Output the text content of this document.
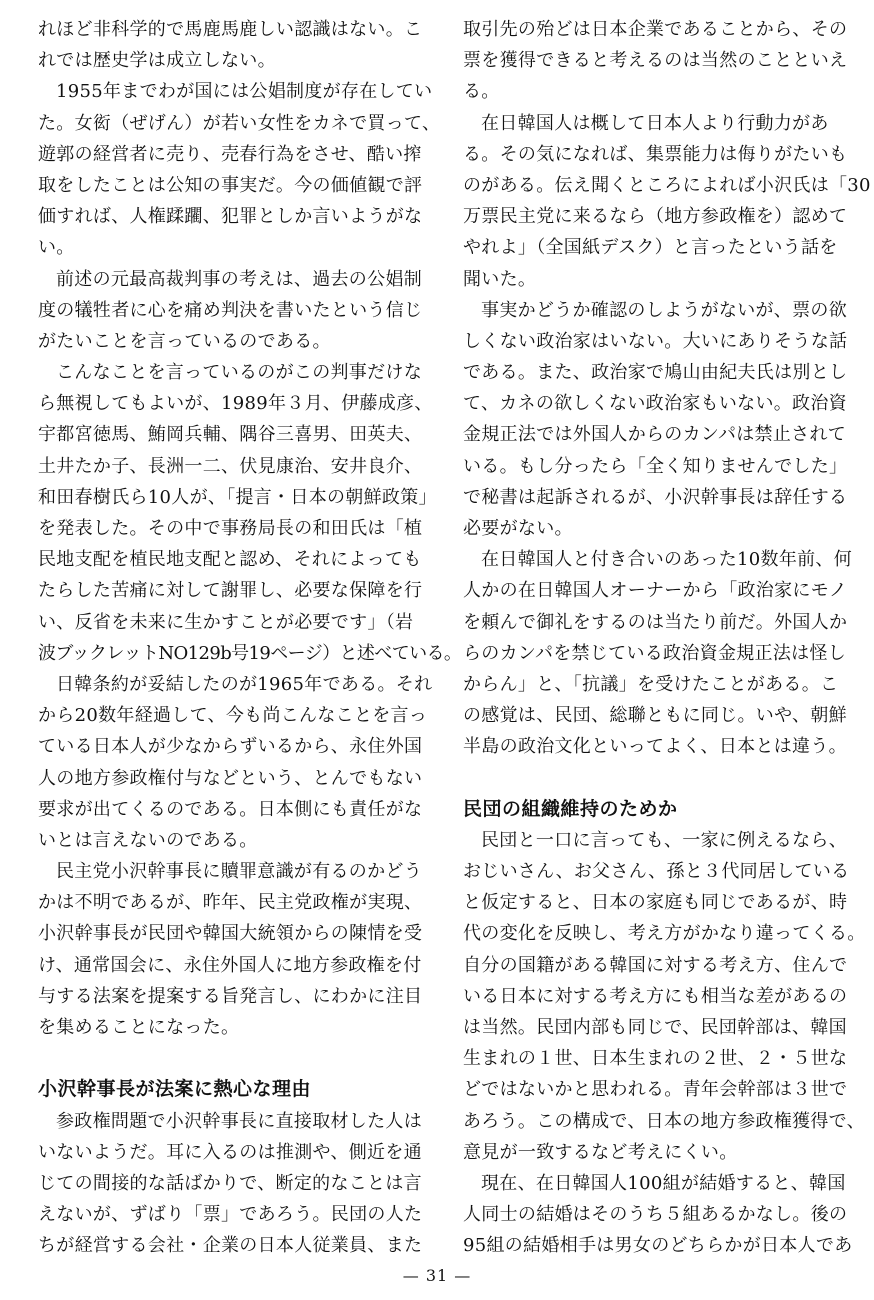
れほど非科学的で馬鹿馬鹿しい認識はない。こ
れでは歴史学は成立しない。
1955年までわが国には公娼制度が存在してい
た。女衒（ぜげん）が若い女性をカネで買って、
遊郭の経営者に売り、売春行為をさせ、酷い搾
取をしたことは公知の事実だ。今の価値観で評
価すれば、人権蹂躙、犯罪としか言いようがな
い。
前述の元最高裁判事の考えは、過去の公娼制
度の犠牲者に心を痛め判決を書いたという信じ
がたいことを言っているのである。
こんなことを言っているのがこの判事だけな
ら無視してもよいが、1989年３月、伊藤成彦、
宇都宮徳馬、鮪岡兵輔、隅谷三喜男、田英夫、
土井たか子、長洲一二、伏見康治、安井良介、
和田春樹氏ら10人が、「提言・日本の朝鮮政策」
を発表した。その中で事務局長の和田氏は「植
民地支配を植民地支配と認め、それによっても
たらした苦痛に対して謝罪し、必要な保障を行
い、反省を未来に生かすことが必要です」（岩
波ブックレットNO129b号19ページ）と述べている。
日韓条約が妥結したのが1965年である。それ
から20数年経過して、今も尚こんなことを言っ
ている日本人が少なからずいるから、永住外国
人の地方参政権付与などという、とんでもない
要求が出てくるのである。日本側にも責任がな
いとは言えないのである。
民主党小沢幹事長に贖罪意識が有るのかどう
かは不明であるが、昨年、民主党政権が実現、
小沢幹事長が民団や韓国大統領からの陳情を受
け、通常国会に、永住外国人に地方参政権を付
与する法案を提案する旨発言し、にわかに注目
を集めることになった。
小沢幹事長が法案に熱心な理由
参政権問題で小沢幹事長に直接取材した人は
いないようだ。耳に入るのは推測や、側近を通
じての間接的な話ばかりで、断定的なことは言
えないが、ずばり「票」であろう。民団の人た
ちが経営する会社・企業の日本人従業員、また
取引先の殆どは日本企業であることから、その
票を獲得できると考えるのは当然のことといえ
る。
在日韓国人は概して日本人より行動力があ
る。その気になれば、集票能力は侮りがたいも
のがある。伝え聞くところによれば小沢氏は「30
万票民主党に来るなら（地方参政権を）認めて
やれよ」（全国紙デスク）と言ったという話を
聞いた。
事実かどうか確認のしようがないが、票の欲
しくない政治家はいない。大いにありそうな話
である。また、政治家で鳩山由紀夫氏は別とし
て、カネの欲しくない政治家もいない。政治資
金規正法では外国人からのカンパは禁止されて
いる。もし分ったら「全く知りませんでした」
で秘書は起訴されるが、小沢幹事長は辞任する
必要がない。
在日韓国人と付き合いのあった10数年前、何
人かの在日韓国人オーナーから「政治家にモノ
を頼んで御礼をするのは当たり前だ。外国人か
らのカンパを禁じている政治資金規正法は怪し
からん」と、「抗議」を受けたことがある。こ
の感覚は、民団、総聯ともに同じ。いや、朝鮮
半島の政治文化といってよく、日本とは違う。
民団の組織維持のためか
民団と一口に言っても、一家に例えるなら、
おじいさん、お父さん、孫と３代同居している
と仮定すると、日本の家庭も同じであるが、時
代の変化を反映し、考え方がかなり違ってくる。
自分の国籍がある韓国に対する考え方、住んで
いる日本に対する考え方にも相当な差があるの
は当然。民団内部も同じで、民団幹部は、韓国
生まれの１世、日本生まれの２世、２・５世な
どではないかと思われる。青年会幹部は３世で
あろう。この構成で、日本の地方参政権獲得で、
意見が一致するなど考えにくい。
現在、在日韓国人100組が結婚すると、韓国
人同士の結婚はそのうち５組あるかなし。後の
95組の結婚相手は男女のどちらかが日本人であ
— 31 —
